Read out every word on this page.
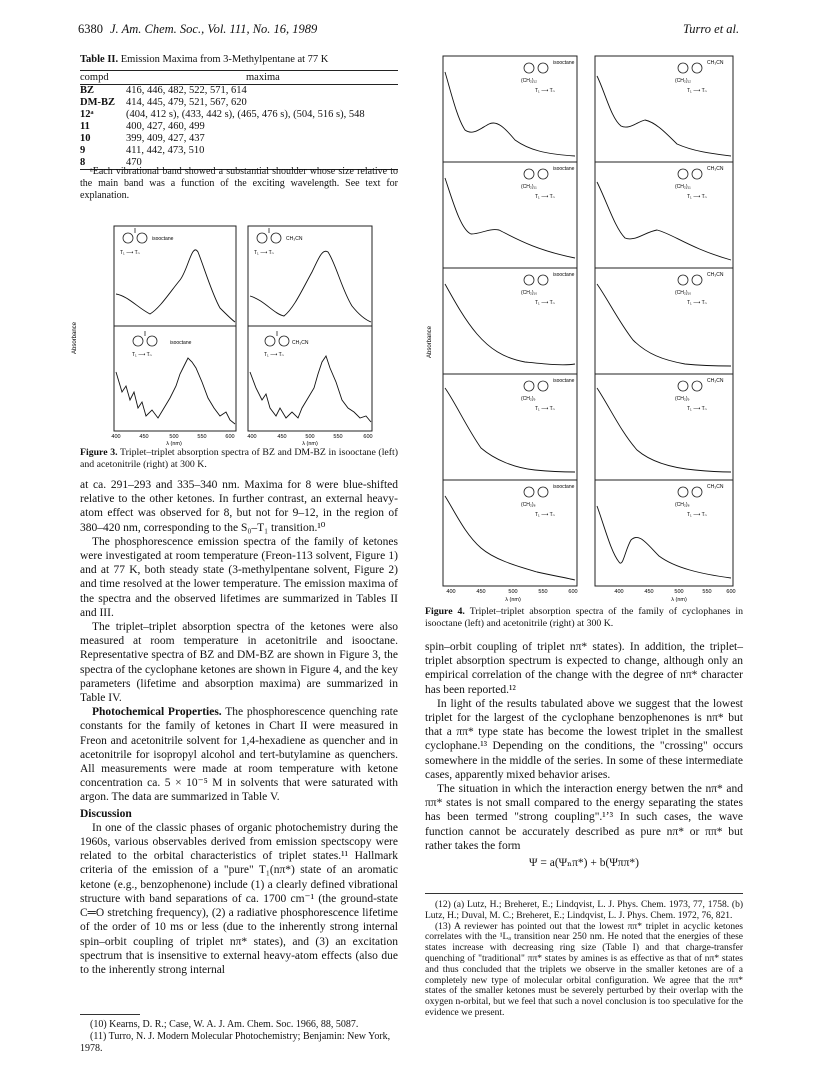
6380 J. Am. Chem. Soc., Vol. 111, No. 16, 1989	Turro et al.
Table II. Emission Maxima from 3-Methylpentane at 77 K
compd	maxima
BZ	416, 446, 482, 522, 571, 614
DM-BZ	414, 445, 479, 521, 567, 620
12ᵃ	(404, 412 s), (433, 442 s), (465, 476 s), (504, 516 s), 548
11	400, 427, 460, 499
10	399, 409, 427, 437
9	411, 442, 473, 510
8	470
ᵃEach vibrational band showed a substantial shoulder whose size relative to the main band was a function of the exciting wavelength. See text for explanation.
Absorbance
isooctane	CH₃CN
isooctane	CH₃CN
T₁ ⟶ Tₙ	T₁ ⟶ Tₙ
T₁ ⟶ Tₙ	T₁ ⟶ Tₙ
400	450	500	550	600 400	450	500	550	600
λ (nm)	λ (nm)
Figure 3. Triplet–triplet absorption spectra of BZ and DM-BZ in isooctane (left) and acetonitrile (right) at 300 K.

at ca. 291–293 and 335–340 nm. Maxima for 8 were blue-shifted relative to the other ketones. In further contrast, an external heavy-atom effect was observed for 8, but not for 9–12, in the region of 380–420 nm, corresponding to the S₀–T₁ transition.¹⁰

The phosphorescence emission spectra of the family of ketones were investigated at room temperature (Freon-113 solvent, Figure 1) and at 77 K, both steady state (3-methylpentane solvent, Figure 2) and time resolved at the lower temperature. The emission maxima of the spectra and the observed lifetimes are summarized in Tables II and III.

The triplet–triplet absorption spectra of the ketones were also measured at room temperature in acetonitrile and isooctane. Representative spectra of BZ and DM-BZ are shown in Figure 3, the spectra of the cyclophane ketones are shown in Figure 4, and the key parameters (lifetime and absorption maxima) are summarized in Table IV.

Photochemical Properties. The phosphorescence quenching rate constants for the family of ketones in Chart II were measured in Freon and acetonitrile solvent for 1,4-hexadiene as quencher and in acetonitrile for isopropyl alcohol and tert-butylamine as quenchers. All measurements were made at room temperature with ketone concentration ca. 5 × 10⁻⁵ M in solvents that were saturated with argon. The data are summarized in Table V.

Discussion

In one of the classic phases of organic photochemistry during the 1960s, various observables derived from emission spectscopy were related to the orbital characteristics of triplet states.¹¹ Hallmark criteria of the emission of a "pure" T₁(nπ*) state of an aromatic ketone (e.g., benzophenone) include (1) a clearly defined vibrational structure with band separations of ca. 1700 cm⁻¹ (the ground-state C═O stretching frequency), (2) a radiative phosphorescence lifetime of the order of 10 ms or less (due to the inherently strong internal spin–orbit coupling of triplet nπ* states), and (3) an excitation spectrum that is insensitive to external heavy-atom effects (also due to the inherently strong internal

(10) Kearns, D. R.; Case, W. A. J. Am. Chem. Soc. 1966, 88, 5087.
(11) Turro, N. J. Modern Molecular Photochemistry; Benjamin: New York, 1978.
Absorbance
isooctane	CH₃CN
isooctane	CH₃CN
isooctane	CH₃CN
isooctane	CH₃CN
isooctane	CH₃CN
(CH₂)₁₂	(CH₂)₁₂
(CH₂)₁₁	(CH₂)₁₁
(CH₂)₁₀	(CH₂)₁₀
(CH₂)₉	(CH₂)₉
(CH₂)₈	(CH₂)₈
T₁ ⟶ Tₙ	T₁ ⟶ Tₙ
T₁ ⟶ Tₙ	T₁ ⟶ Tₙ
T₁ ⟶ Tₙ	T₁ ⟶ Tₙ
T₁ ⟶ Tₙ	T₁ ⟶ Tₙ
T₁ ⟶ Tₙ	T₁ ⟶ Tₙ
400	450	500	550	600	400	450	500	550	600
λ (nm)	λ (nm)
Figure 4. Triplet–triplet absorption spectra of the family of cyclophanes in isooctane (left) and acetonitrile (right) at 300 K.

spin–orbit coupling of triplet nπ* states). In addition, the triplet–triplet absorption spectrum is expected to change, although only an empirical correlation of the change with the degree of nπ* character has been reported.¹²

In light of the results tabulated above we suggest that the lowest triplet for the largest of the cyclophane benzophenones is nπ* but that a ππ* type state has become the lowest triplet in the smallest cyclophane.¹³ Depending on the conditions, the "crossing" occurs somewhere in the middle of the series. In some of these intermediate cases, apparently mixed behavior arises.

The situation in which the interaction energy betwen the nπ* and ππ* states is not small compared to the energy separating the states has been termed "strong coupling".¹ʼ³ In such cases, the wave function cannot be accurately described as pure nπ* or ππ* but rather takes the form

Ψ = a(Ψₙπ*) + b(Ψππ*)

(12) (a) Lutz, H.; Breheret, E.; Lindqvist, L. J. Phys. Chem. 1973, 77, 1758. (b) Lutz, H.; Duval, M. C.; Breheret, E.; Lindqvist, L. J. Phys. Chem. 1972, 76, 821.
(13) A reviewer has pointed out that the lowest ππ* triplet in acyclic ketones correlates with the ¹Lₐ transition near 250 nm. He noted that the energies of these states increase with decreasing ring size (Table I) and that charge-transfer quenching of "traditional" ππ* states by amines is as effective as that of nπ* states and thus concluded that the triplets we observe in the smaller ketones are of a completely new type of molecular orbital configuration. We agree that the ππ* states of the smaller ketones must be severely perturbed by their overlap with the oxygen n-orbital, but we feel that such a novel conclusion is too speculative for the evidence we present.
